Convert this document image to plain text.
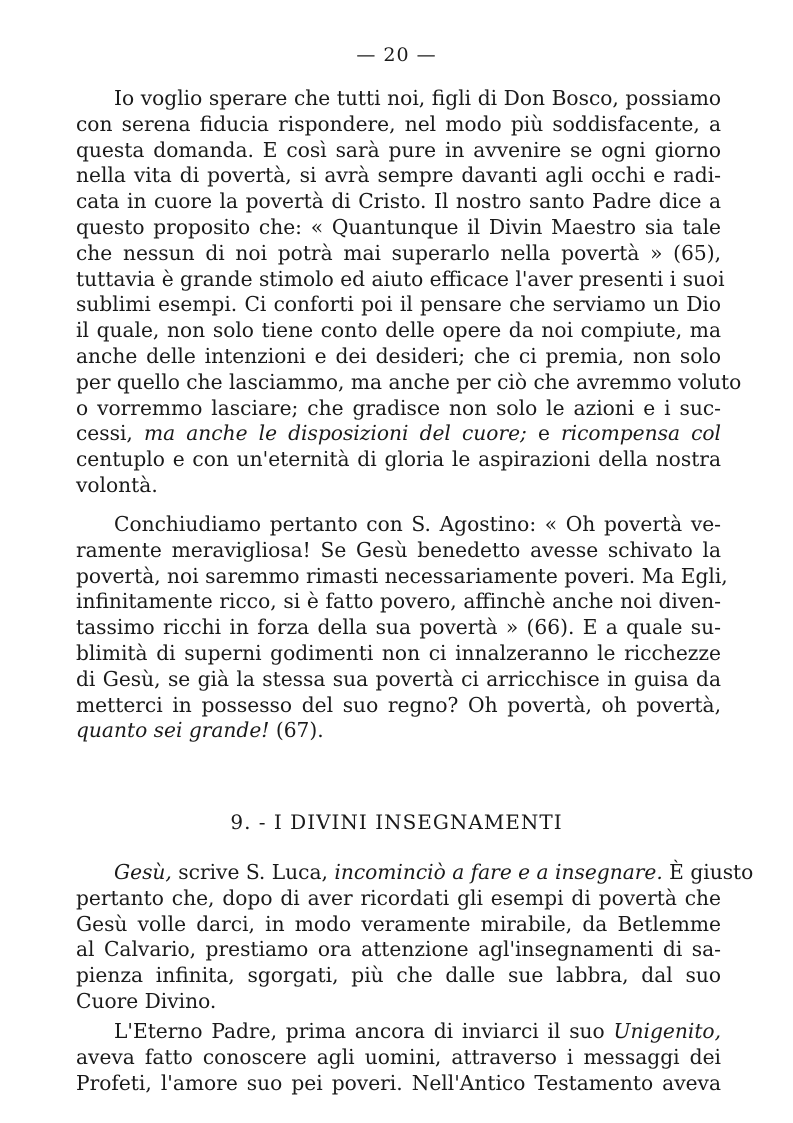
— 20 —
Io voglio sperare che tutti noi, figli di Don Bosco, possiamo
con serena fiducia rispondere, nel modo più soddisfacente, a
questa domanda. E così sarà pure in avvenire se ogni giorno
nella vita di povertà, si avrà sempre davanti agli occhi e radi-
cata in cuore la povertà di Cristo. Il nostro santo Padre dice a
questo proposito che: « Quantunque il Divin Maestro sia tale
che nessun di noi potrà mai superarlo nella povertà » (65),
tuttavia è grande stimolo ed aiuto efficace l'aver presenti i suoi
sublimi esempi. Ci conforti poi il pensare che serviamo un Dio
il quale, non solo tiene conto delle opere da noi compiute, ma
anche delle intenzioni e dei desideri; che ci premia, non solo
per quello che lasciammo, ma anche per ciò che avremmo voluto
o vorremmo lasciare; che gradisce non solo le azioni e i suc-
cessi, ma anche le disposizioni del cuore; e ricompensa col
centuplo e con un'eternità di gloria le aspirazioni della nostra
volontà.
Conchiudiamo pertanto con S. Agostino: « Oh povertà ve-
ramente meravigliosa! Se Gesù benedetto avesse schivato la
povertà, noi saremmo rimasti necessariamente poveri. Ma Egli,
infinitamente ricco, si è fatto povero, affinchè anche noi diven-
tassimo ricchi in forza della sua povertà » (66). E a quale su-
blimità di superni godimenti non ci innalzeranno le ricchezze
di Gesù, se già la stessa sua povertà ci arricchisce in guisa da
metterci in possesso del suo regno? Oh povertà, oh povertà,
quanto sei grande! (67).
9. - I DIVINI INSEGNAMENTI
Gesù, scrive S. Luca, incominciò a fare e a insegnare. È giusto
pertanto che, dopo di aver ricordati gli esempi di povertà che
Gesù volle darci, in modo veramente mirabile, da Betlemme
al Calvario, prestiamo ora attenzione agl'insegnamenti di sa-
pienza infinita, sgorgati, più che dalle sue labbra, dal suo
Cuore Divino.
L'Eterno Padre, prima ancora di inviarci il suo Unigenito,
aveva fatto conoscere agli uomini, attraverso i messaggi dei
Profeti, l'amore suo pei poveri. Nell'Antico Testamento aveva
